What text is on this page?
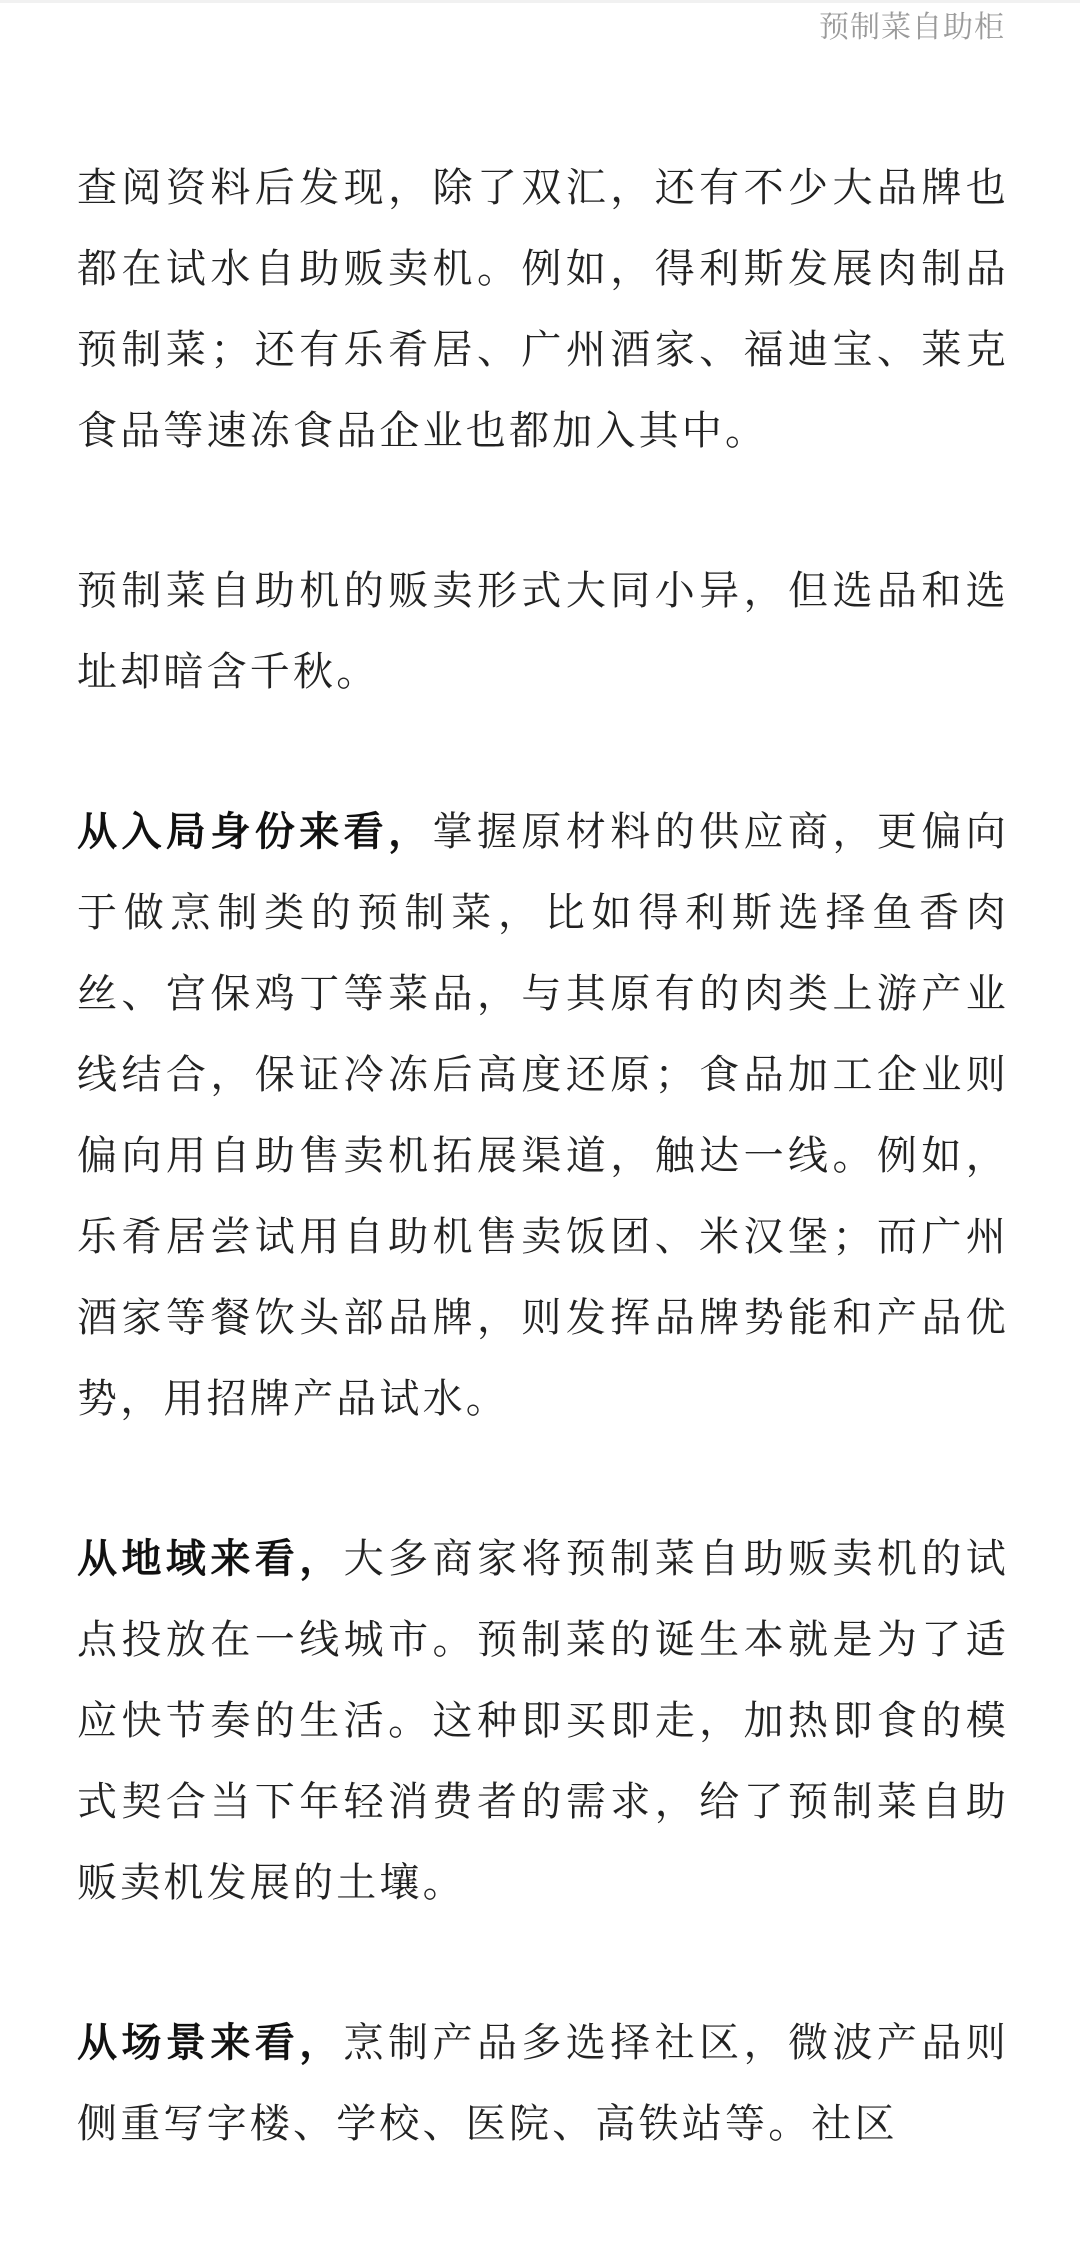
预制菜自助柜

查阅资料后发现，除了双汇，还有不少大品牌也都在试水自助贩卖机。例如，得利斯发展肉制品预制菜；还有乐肴居、广州酒家、福迪宝、莱克食品等速冻食品企业也都加入其中。

预制菜自助机的贩卖形式大同小异，但选品和选址却暗含千秋。

从入局身份来看，掌握原材料的供应商，更偏向于做烹制类的预制菜，比如得利斯选择鱼香肉丝、宫保鸡丁等菜品，与其原有的肉类上游产业线结合，保证冷冻后高度还原；食品加工企业则偏向用自助售卖机拓展渠道，触达一线。例如，乐肴居尝试用自助机售卖饭团、米汉堡；而广州酒家等餐饮头部品牌，则发挥品牌势能和产品优势，用招牌产品试水。

从地域来看，大多商家将预制菜自助贩卖机的试点投放在一线城市。预制菜的诞生本就是为了适应快节奏的生活。这种即买即走，加热即食的模式契合当下年轻消费者的需求，给了预制菜自助贩卖机发展的土壤。

从场景来看，烹制产品多选择社区，微波产品则侧重写字楼、学校、医院、高铁站等。社区
